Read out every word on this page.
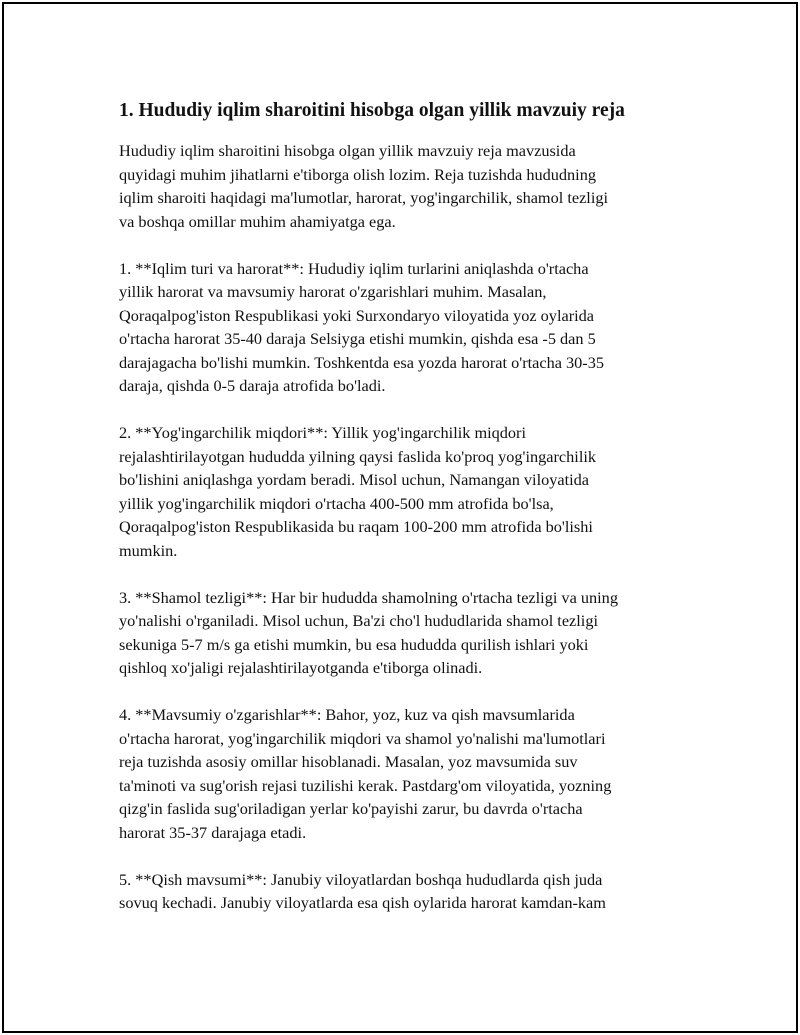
1. Hududiy iqlim sharoitini hisobga olgan yillik mavzuiy reja
Hududiy iqlim sharoitini hisobga olgan yillik mavzuiy reja mavzusida
quyidagi muhim jihatlarni e'tiborga olish lozim. Reja tuzishda hududning
iqlim sharoiti haqidagi ma'lumotlar, harorat, yog'ingarchilik, shamol tezligi
va boshqa omillar muhim ahamiyatga ega.
1. **Iqlim turi va harorat**: Hududiy iqlim turlarini aniqlashda o'rtacha
yillik harorat va mavsumiy harorat o'zgarishlari muhim. Masalan,
Qoraqalpog'iston Respublikasi yoki Surxondaryo viloyatida yoz oylarida
o'rtacha harorat 35-40 daraja Selsiyga etishi mumkin, qishda esa -5 dan 5
darajagacha bo'lishi mumkin. Toshkentda esa yozda harorat o'rtacha 30-35
daraja, qishda 0-5 daraja atrofida bo'ladi.
2. **Yog'ingarchilik miqdori**: Yillik yog'ingarchilik miqdori
rejalashtirilayotgan hududda yilning qaysi faslida ko'proq yog'ingarchilik
bo'lishini aniqlashga yordam beradi. Misol uchun, Namangan viloyatida
yillik yog'ingarchilik miqdori o'rtacha 400-500 mm atrofida bo'lsa,
Qoraqalpog'iston Respublikasida bu raqam 100-200 mm atrofida bo'lishi
mumkin.
3. **Shamol tezligi**: Har bir hududda shamolning o'rtacha tezligi va uning
yo'nalishi o'rganiladi. Misol uchun, Ba'zi cho'l hududlarida shamol tezligi
sekuniga 5-7 m/s ga etishi mumkin, bu esa hududda qurilish ishlari yoki
qishloq xo'jaligi rejalashtirilayotganda e'tiborga olinadi.
4. **Mavsumiy o'zgarishlar**: Bahor, yoz, kuz va qish mavsumlarida
o'rtacha harorat, yog'ingarchilik miqdori va shamol yo'nalishi ma'lumotlari
reja tuzishda asosiy omillar hisoblanadi. Masalan, yoz mavsumida suv
ta'minoti va sug'orish rejasi tuzilishi kerak. Pastdarg'om viloyatida, yozning
qizg'in faslida sug'oriladigan yerlar ko'payishi zarur, bu davrda o'rtacha
harorat 35-37 darajaga etadi.
5. **Qish mavsumi**: Janubiy viloyatlardan boshqa hududlarda qish juda
sovuq kechadi. Janubiy viloyatlarda esa qish oylarida harorat kamdan-kam
